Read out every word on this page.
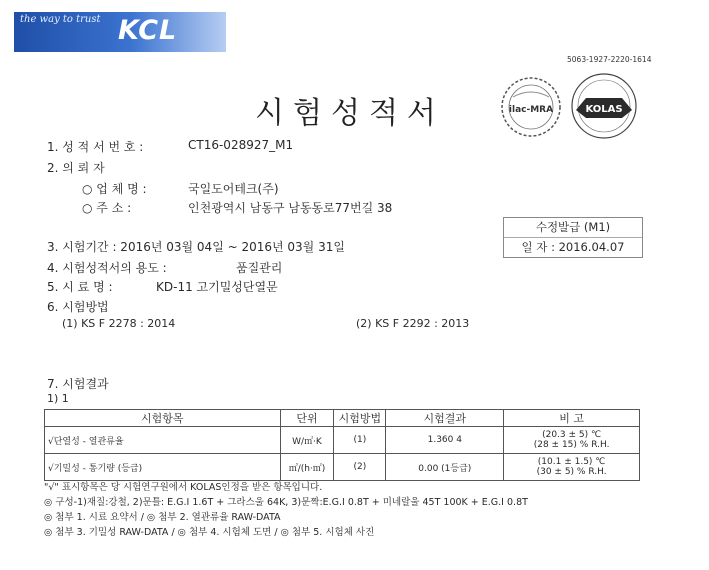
the way to trust KCL
5063-1927-2220-1614
ilac-MRA	KOLAS
시험성적서
1. 성 적 서 번 호 :	CT16-028927_M1
2. 의 뢰 자
○ 업 체 명 :	국일도어테크(주)
○ 주 소 :	인천광역시 남동구 남동동로77번길 38
수정발급 (M1)
일 자 : 2016.04.07
3. 시험기간 : 2016년 03월 04일 ~ 2016년 03월 31일
4. 시험성적서의 용도 :	품질관리
5. 시 료 명 :	KD-11 고기밀성단열문
6. 시험방법
(1) KS F 2278 : 2014	(2) KS F 2292 : 2013
7. 시험결과
1) 1
시험항목	단위	시험방법	시험결과	비 고
√단열성 - 열관류율	W/㎡·K	(1)	1.360 4	(20.3 ± 5) ℃
(28 ± 15) % R.H.

√기밀성 - 통기량 (등급)	㎥/(h·㎡)	(2)	0.00 (1등급)	(10.1 ± 1.5) ℃
(30 ± 5) % R.H.
"√" 표시항목은 당 시험연구원에서 KOLAS인정을 받은 항목입니다.
◎ 구성-1)재질:강철, 2)문틀: E.G.I 1.6T + 그라스울 64K, 3)문짝:E.G.I 0.8T + 미네랄울 45T 100K + E.G.I 0.8T
◎ 첨부 1. 시료 요약서 / ◎ 첨부 2. 열관류율 RAW-DATA
◎ 첨부 3. 기밀성 RAW-DATA / ◎ 첨부 4. 시험체 도면 / ◎ 첨부 5. 시험체 사진
